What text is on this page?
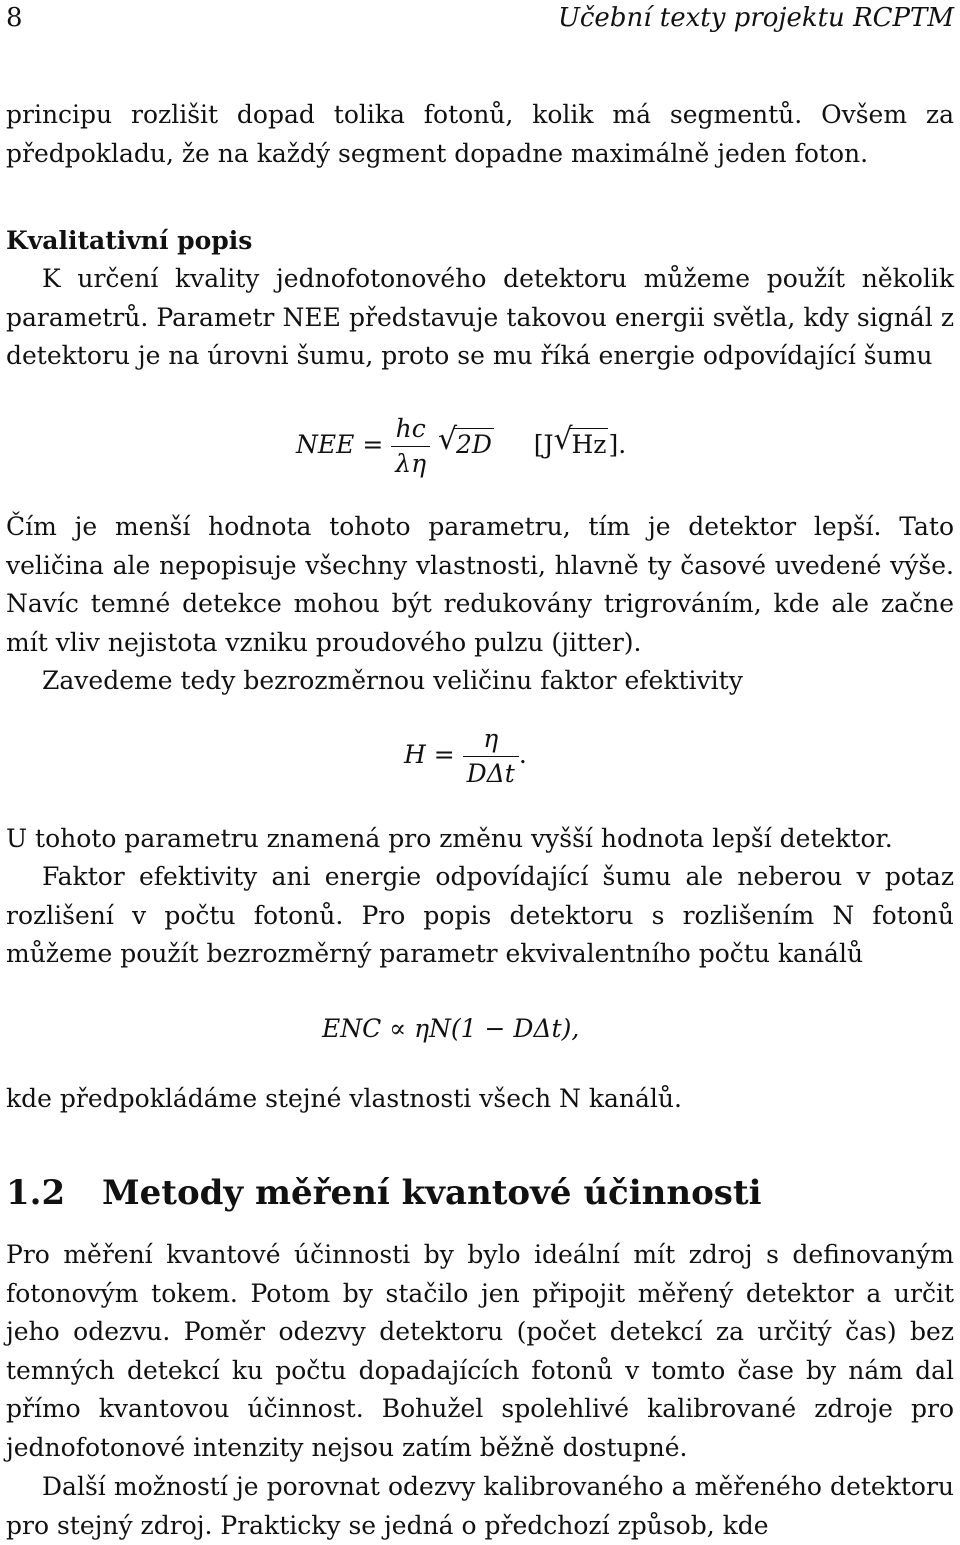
8	Učební texty projektu RCPTM

principu rozlišit dopad tolika fotonů, kolik má segmentů. Ovšem za předpokladu, že na každý segment dopadne maximálně jeden foton.

Kvalitativní popis

K určení kvality jednofotonového detektoru můžeme použít několik parametrů. Parametr NEE představuje takovou energii světla, kdy signál z detektoru je na úrovni šumu, proto se mu říká energie odpovídající šumu

NEE = $\frac{hc}{\lambda\eta}$
√
2D [J √
Hz].

Čím je menší hodnota tohoto parametru, tím je detektor lepší. Tato veličina ale nepopisuje všechny vlastnosti, hlavně ty časové uvedené výše. Navíc temné detekce mohou být redukovány trigrováním, kde ale začne mít vliv nejistota vzniku proudového pulzu (jitter).

Zavedeme tedy bezrozměrnou veličinu faktor efektivity

$H = \frac{\eta}{\text{DΔt}}$ .

U tohoto parametru znamená pro změnu vyšší hodnota lepší detektor.

Faktor efektivity ani energie odpovídající šumu ale neberou v potaz rozlišení v počtu fotonů. Pro popis detektoru s rozlišením N fotonů můžeme použít bezrozměrný parametr ekvivalentního počtu kanálů

ENC ∝ ηN(1 − DΔt),

kde předpokládáme stejné vlastnosti všech N kanálů.

1.2 Metody měření kvantové účinnosti

Pro měření kvantové účinnosti by bylo ideální mít zdroj s definovaným fotonovým tokem. Potom by stačilo jen připojit měřený detektor a určit jeho odezvu. Poměr odezvy detektoru (počet detekcí za určitý čas) bez temných detekcí ku počtu dopadajících fotonů v tomto čase by nám dal přímo kvantovou účinnost. Bohužel spolehlivé kalibrované zdroje pro jednofotonové intenzity nejsou zatím běžně dostupné.

Další možností je porovnat odezvy kalibrovaného a měřeného detektoru pro stejný zdroj. Prakticky se jedná o předchozí způsob, kde
